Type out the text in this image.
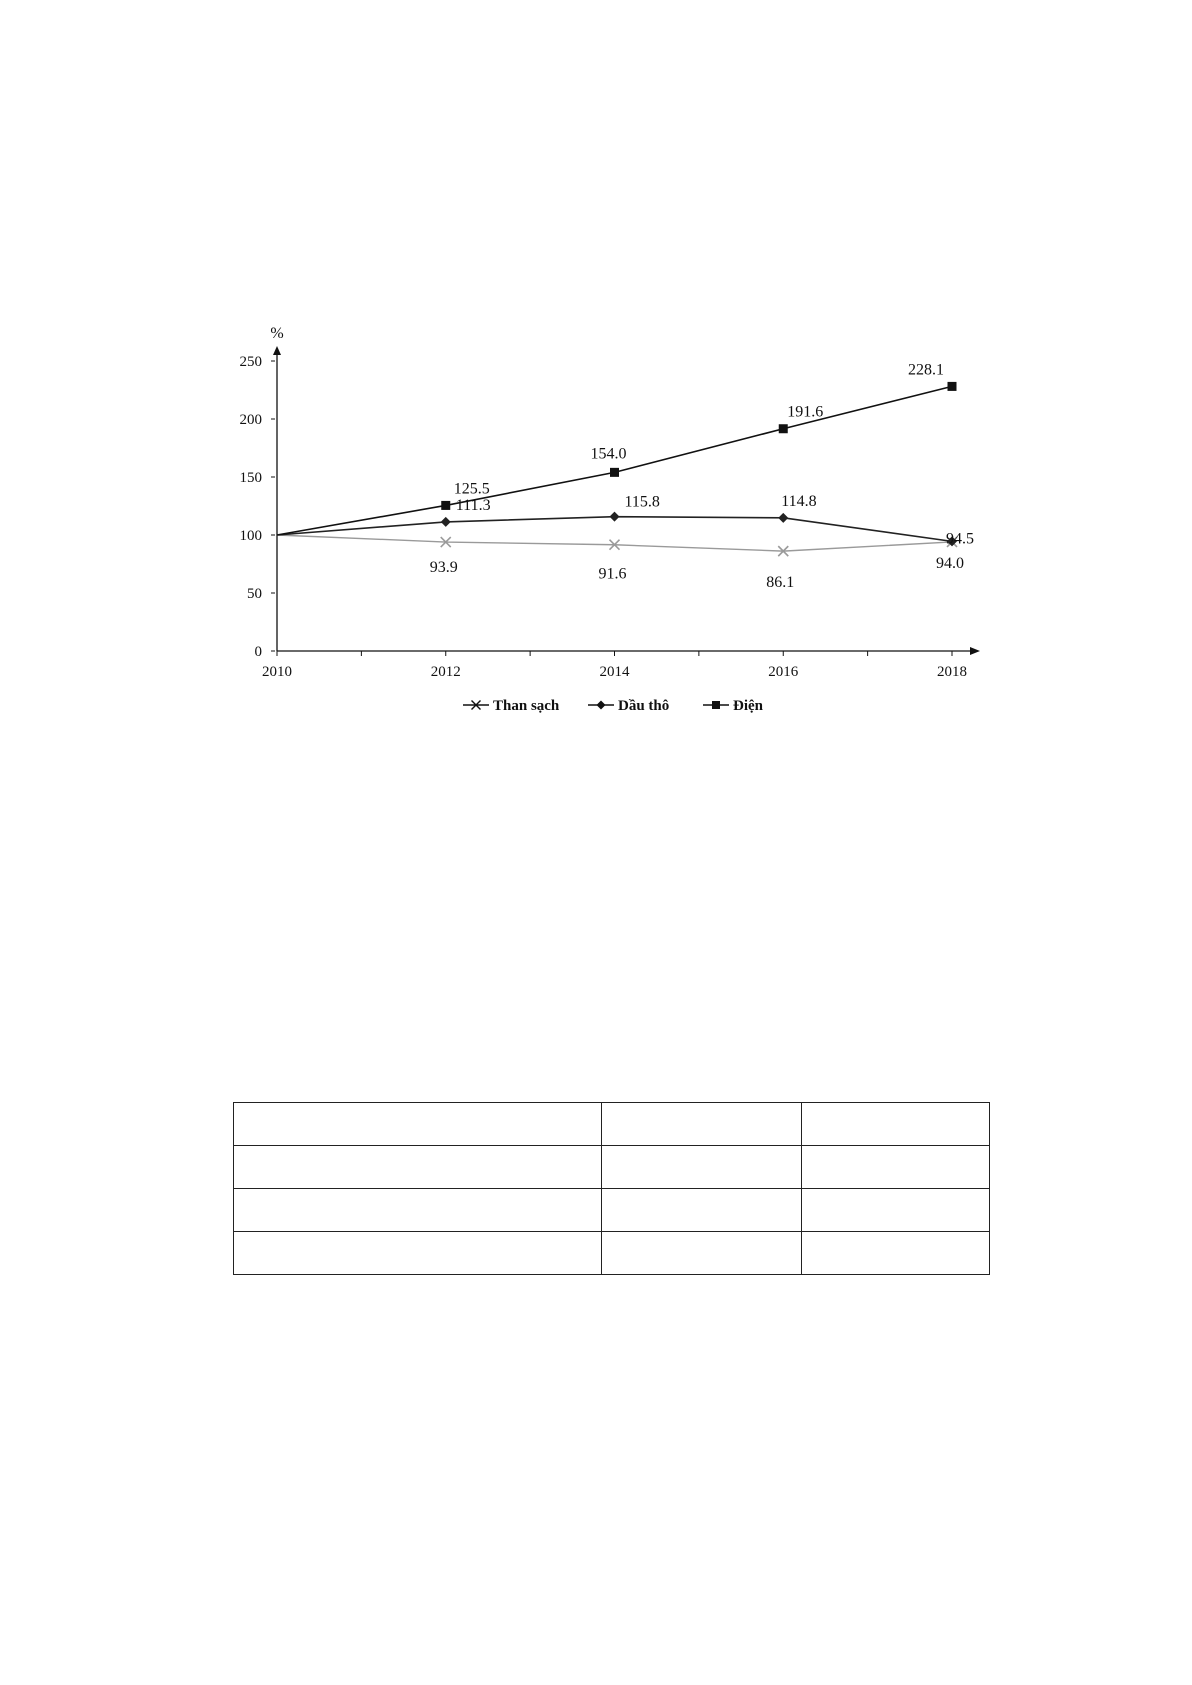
%
0
50
100
150
200
250
2010	2012	2014	2016	2018
93.9	91.6	86.1
94.0
111.3	115.8	114.8
94.5
125.5
154.0
191.6
228.1
Than sạch	Dầu thô	Điện
